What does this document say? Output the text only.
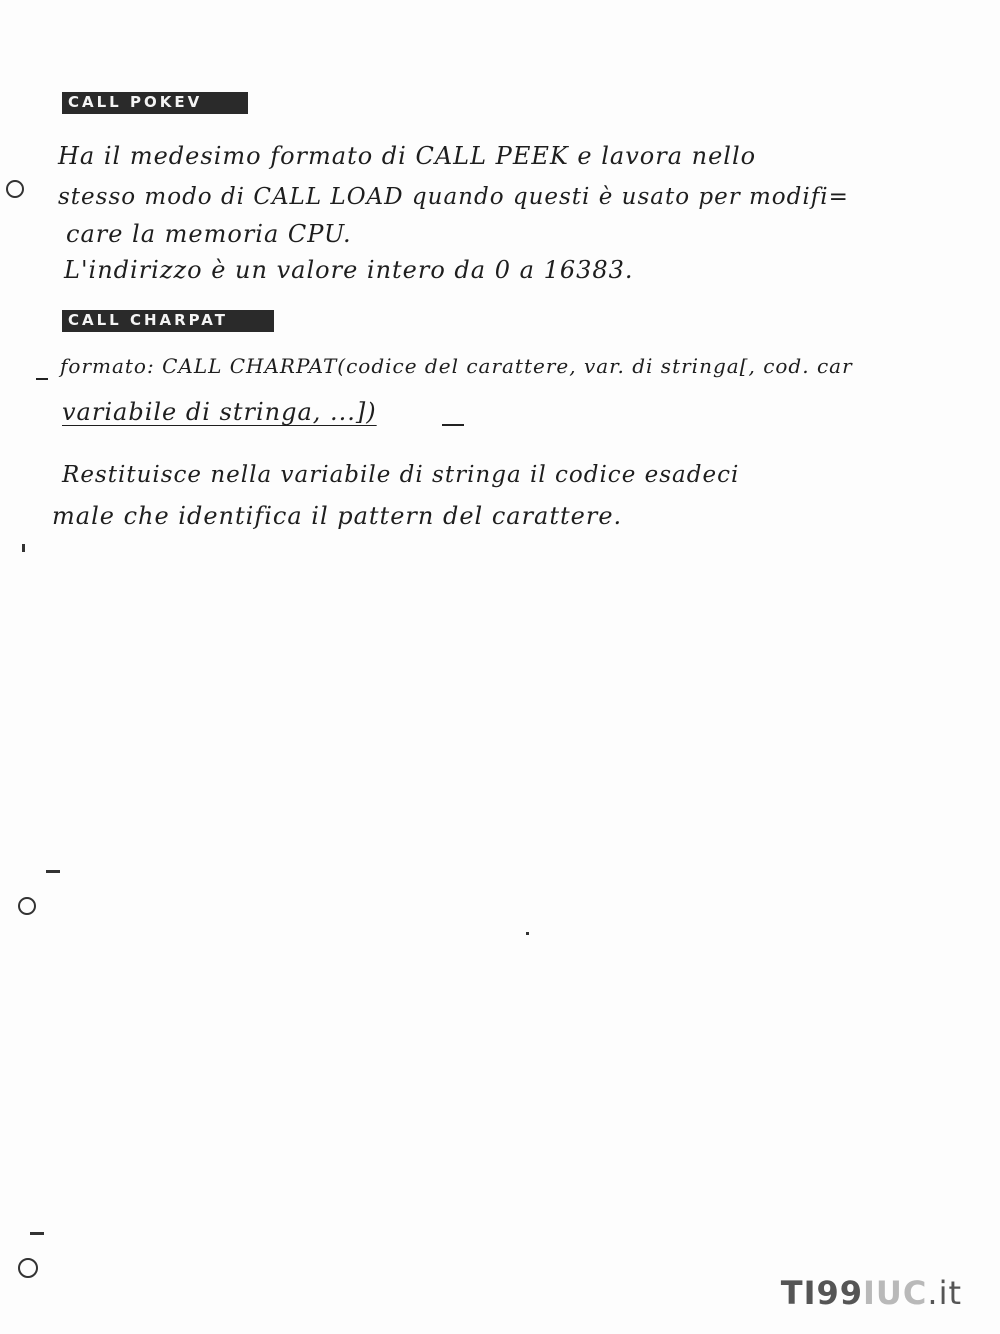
CALL POKEV
Ha il medesimo formato di CALL PEEK e lavora nello
stesso modo di CALL LOAD quando questi è usato per modifi=
care la memoria CPU.
L'indirizzo è un valore intero da 0 a 16383.
CALL CHARPAT
formato: CALL CHARPAT(codice del carattere, var. di stringa[, cod. car
variabile di stringa, ...])
Restituisce nella variabile di stringa il codice esadeci
male che identifica il pattern del carattere.
TI99IUC.it
